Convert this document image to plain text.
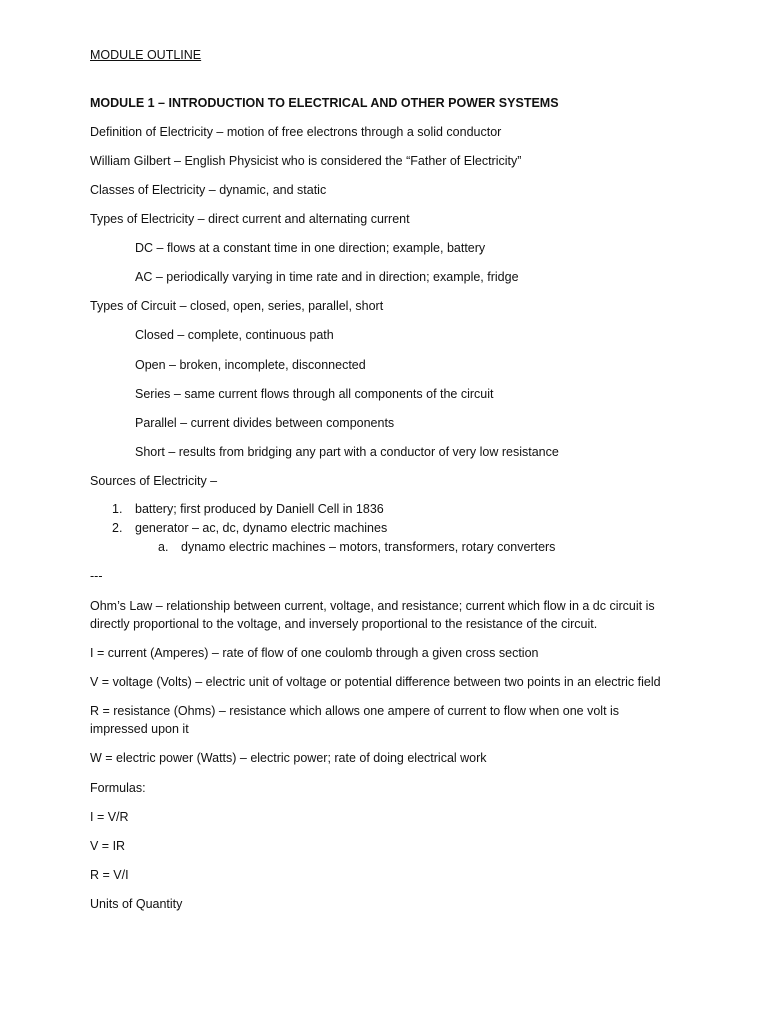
MODULE OUTLINE
MODULE 1 – INTRODUCTION TO ELECTRICAL AND OTHER POWER SYSTEMS
Definition of Electricity – motion of free electrons through a solid conductor
William Gilbert – English Physicist who is considered the “Father of Electricity”
Classes of Electricity – dynamic, and static
Types of Electricity – direct current and alternating current
DC – flows at a constant time in one direction; example, battery
AC – periodically varying in time rate and in direction; example, fridge
Types of Circuit – closed, open, series, parallel, short
Closed – complete, continuous path
Open – broken, incomplete, disconnected
Series – same current flows through all components of the circuit
Parallel – current divides between components
Short – results from bridging any part with a conductor of very low resistance
Sources of Electricity –
1. battery; first produced by Daniell Cell in 1836
2. generator – ac, dc, dynamo electric machines
a. dynamo electric machines – motors, transformers, rotary converters
---
Ohm’s Law – relationship between current, voltage, and resistance; current which flow in a dc circuit is directly proportional to the voltage, and inversely proportional to the resistance of the circuit.
I = current (Amperes) – rate of flow of one coulomb through a given cross section
V = voltage (Volts) – electric unit of voltage or potential difference between two points in an electric field
R = resistance (Ohms) – resistance which allows one ampere of current to flow when one volt is impressed upon it
W = electric power (Watts) – electric power; rate of doing electrical work
Formulas:
I = V/R
V = IR
R = V/I
Units of Quantity
